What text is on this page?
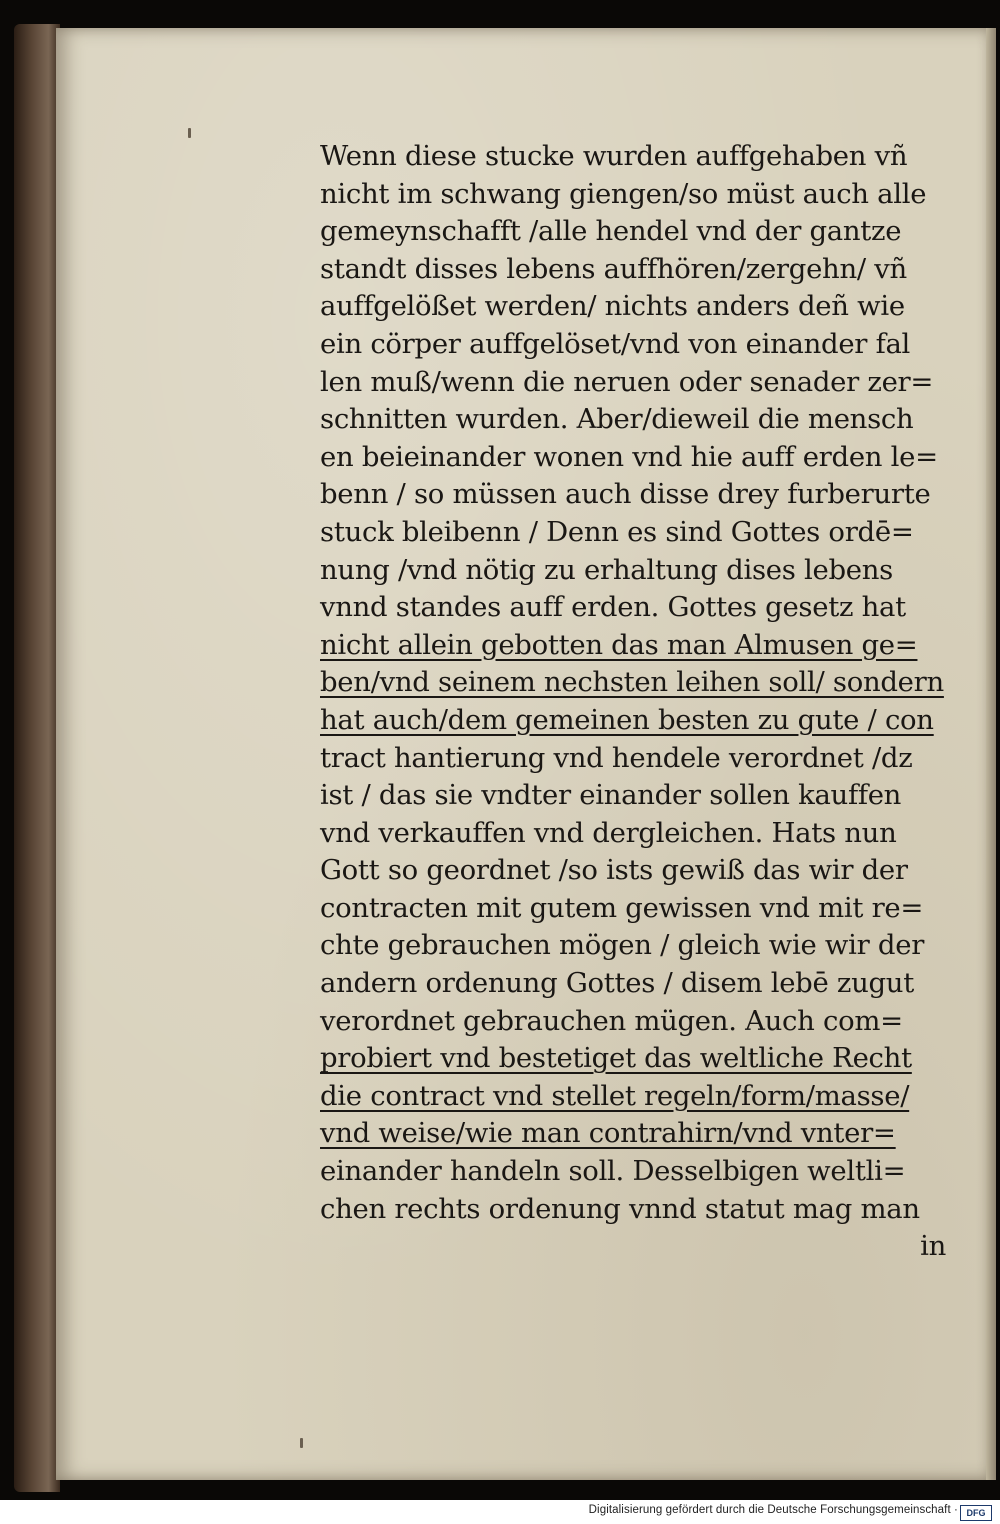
Wenn diese stucke wurden auffgehaben vñ
nicht im schwang giengen/so müst auch alle
gemeynschafft /alle hendel vnd der gantze
standt disses lebens auffhören/zergehn/ vñ
auffgelößet werden/ nichts anders deñ wie
ein cörper auffgelöset/vnd von einander fal
len muß/wenn die neruen oder senader zer=
schnitten wurden. Aber/dieweil die mensch
en beieinander wonen vnd hie auff erden le=
benn / so müssen auch disse drey furberurte
stuck bleibenn / Denn es sind Gottes ordē=
nung /vnd nötig zu erhaltung dises lebens
vnnd standes auff erden. Gottes gesetz hat
nicht allein gebotten das man Almusen ge=
ben/vnd seinem nechsten leihen soll/ sondern
hat auch/dem gemeinen besten zu gute / con
tract hantierung vnd hendele verordnet /dz
ist / das sie vndter einander sollen kauffen
vnd verkauffen vnd dergleichen. Hats nun
Gott so geordnet /so ists gewiß das wir der
contracten mit gutem gewissen vnd mit re=
chte gebrauchen mögen / gleich wie wir der
andern ordenung Gottes / disem lebē zugut
verordnet gebrauchen mügen. Auch com=
probiert vnd bestetiget das weltliche Recht
die contract vnd stellet regeln/form/masse/
vnd weise/wie man contrahirn/vnd vnter=
einander handeln soll. Desselbigen weltli=
chen rechts ordenung vnnd statut mag man
in
Digitalisierung gefördert durch die Deutsche Forschungsgemeinschaft · DFG
